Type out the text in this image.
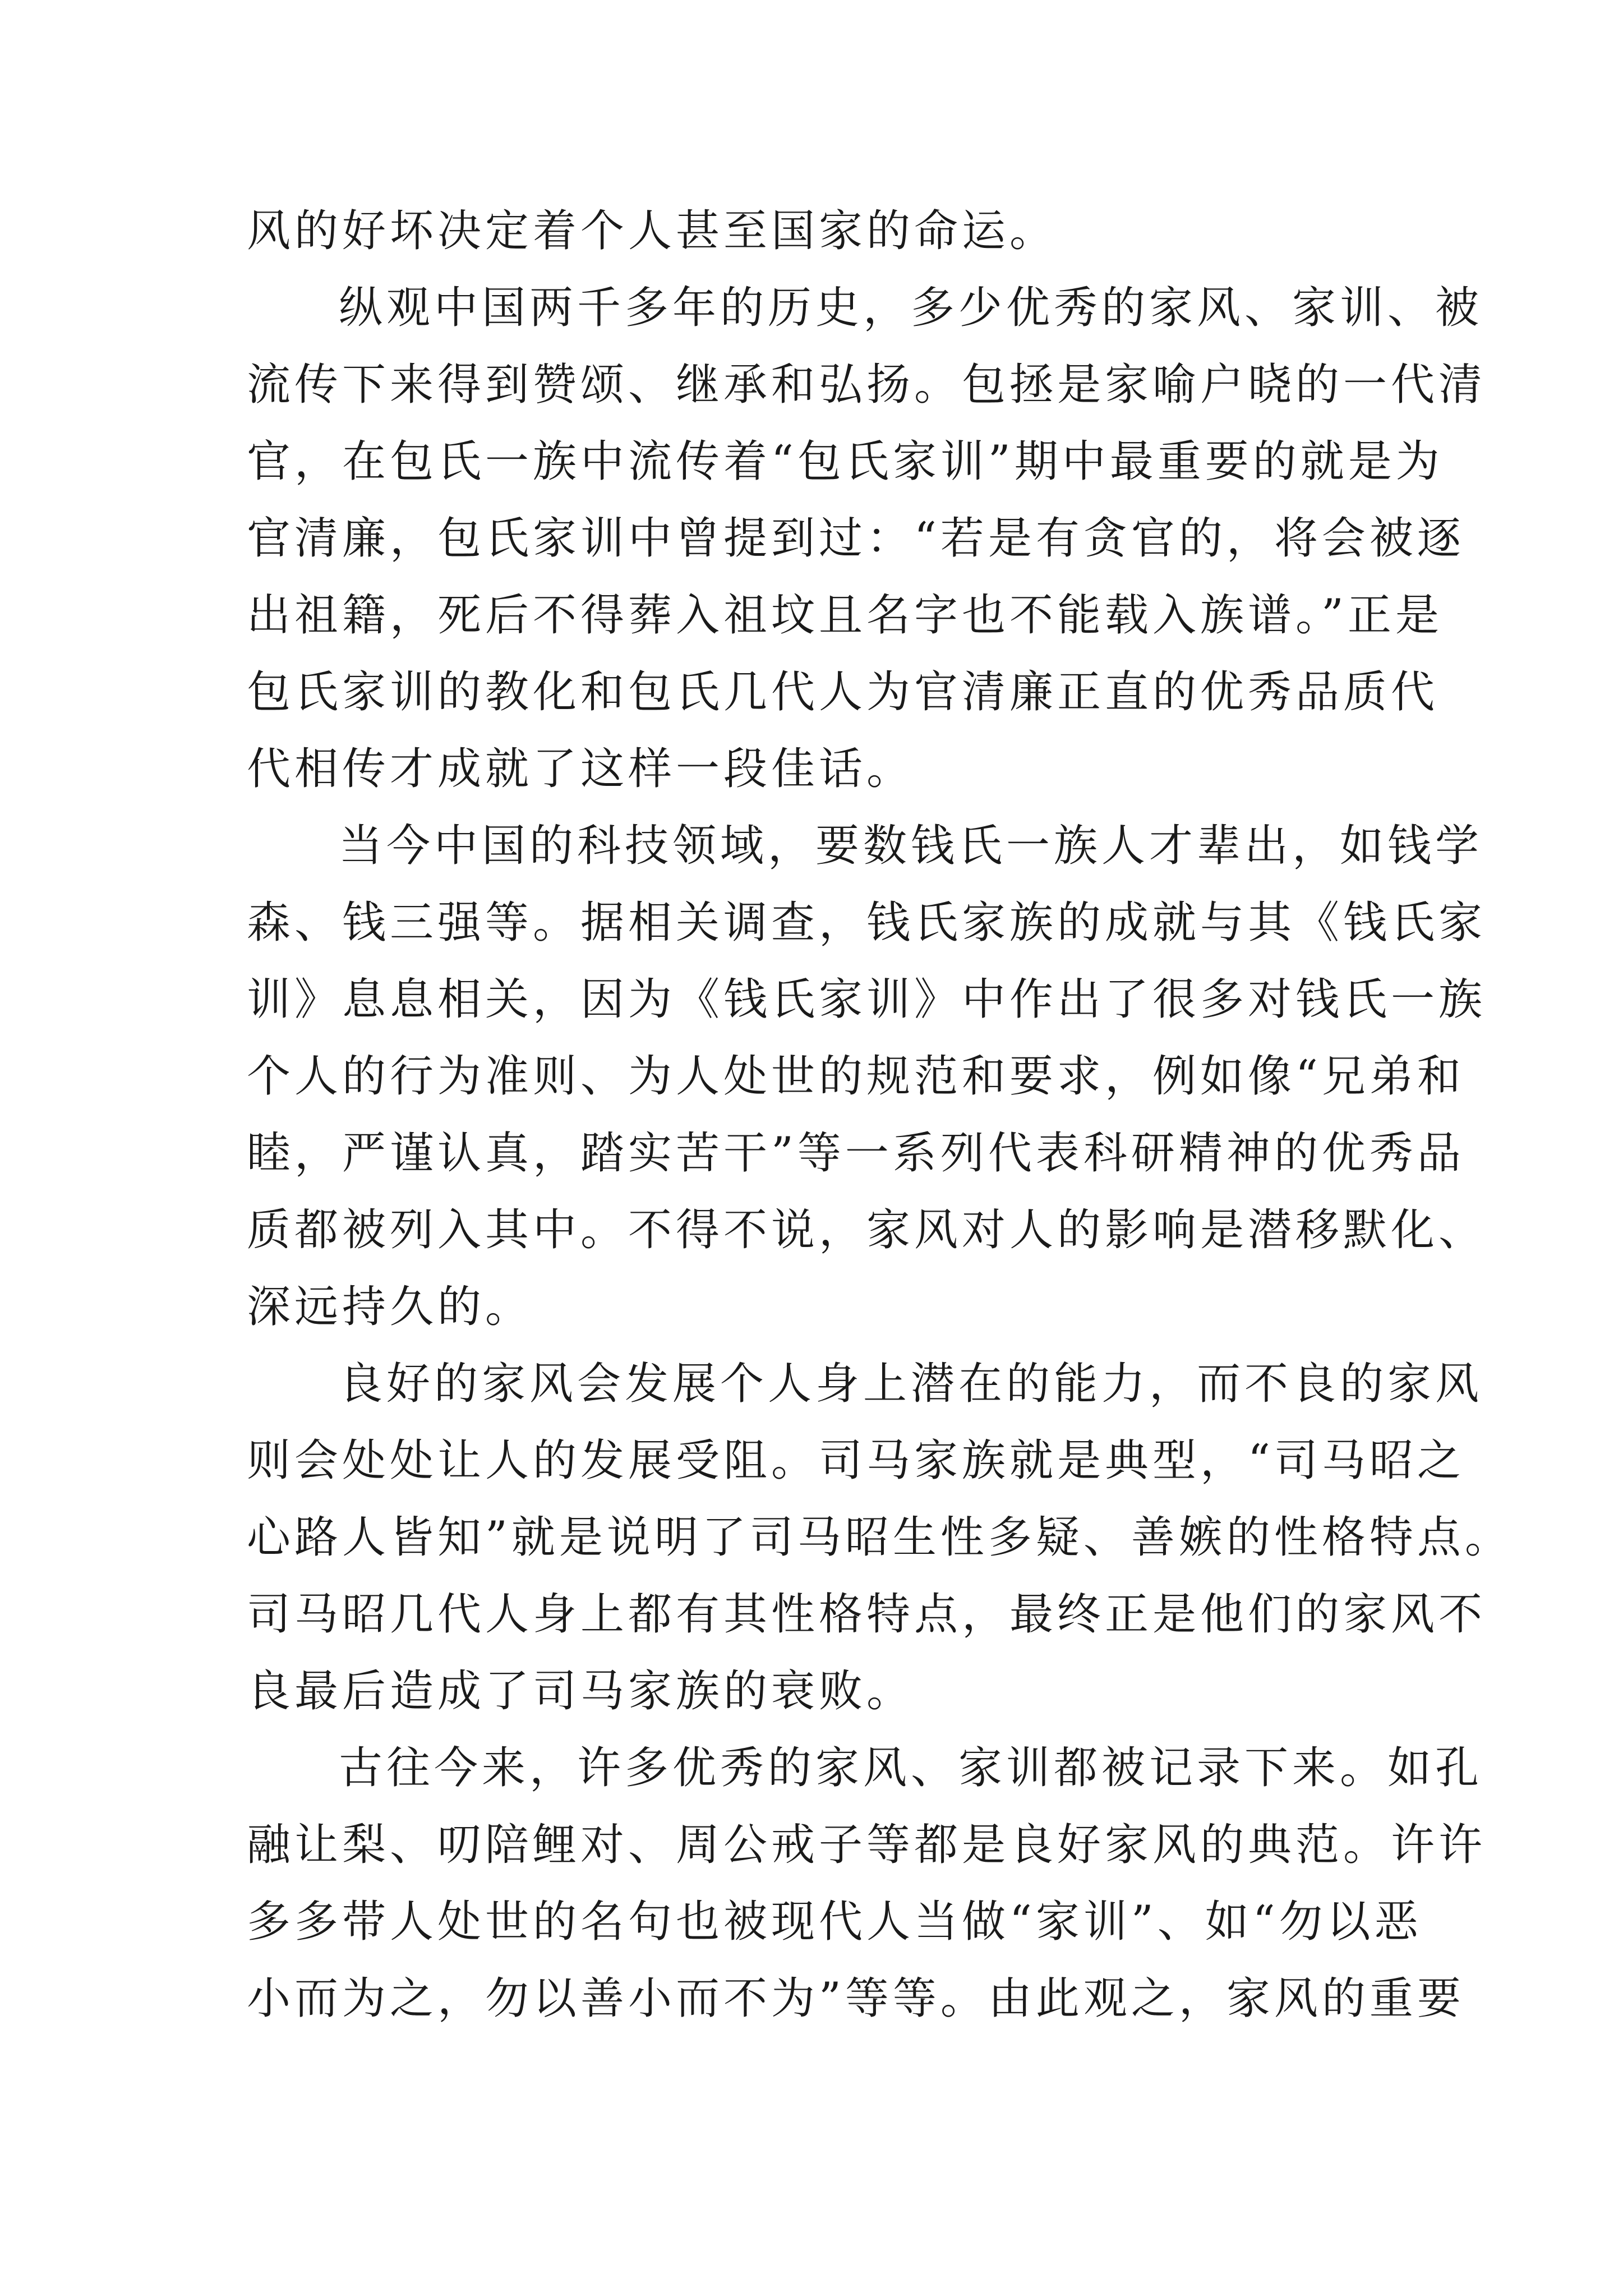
风的好坏决定着个人甚至国家的命运。
纵观中国两千多年的历史，多少优秀的家风、家训、被
流传下来得到赞颂、继承和弘扬。包拯是家喻户晓的一代清
官，在包氏一族中流传着“包氏家训”期中最重要的就是为
官清廉，包氏家训中曾提到过：“若是有贪官的，将会被逐
出祖籍，死后不得葬入祖坟且名字也不能载入族谱。”正是
包氏家训的教化和包氏几代人为官清廉正直的优秀品质代
代相传才成就了这样一段佳话。
当今中国的科技领域，要数钱氏一族人才辈出，如钱学
森、钱三强等。据相关调查，钱氏家族的成就与其《钱氏家
训》息息相关，因为《钱氏家训》中作出了很多对钱氏一族
个人的行为准则、为人处世的规范和要求，例如像“兄弟和
睦，严谨认真，踏实苦干”等一系列代表科研精神的优秀品
质都被列入其中。不得不说，家风对人的影响是潜移默化、
深远持久的。
良好的家风会发展个人身上潜在的能力，而不良的家风
则会处处让人的发展受阻。司马家族就是典型，“司马昭之
心路人皆知”就是说明了司马昭生性多疑、善嫉的性格特点。
司马昭几代人身上都有其性格特点，最终正是他们的家风不
良最后造成了司马家族的衰败。
古往今来，许多优秀的家风、家训都被记录下来。如孔
融让梨、叨陪鲤对、周公戒子等都是良好家风的典范。许许
多多带人处世的名句也被现代人当做“家训”、如“勿以恶
小而为之，勿以善小而不为”等等。由此观之，家风的重要
